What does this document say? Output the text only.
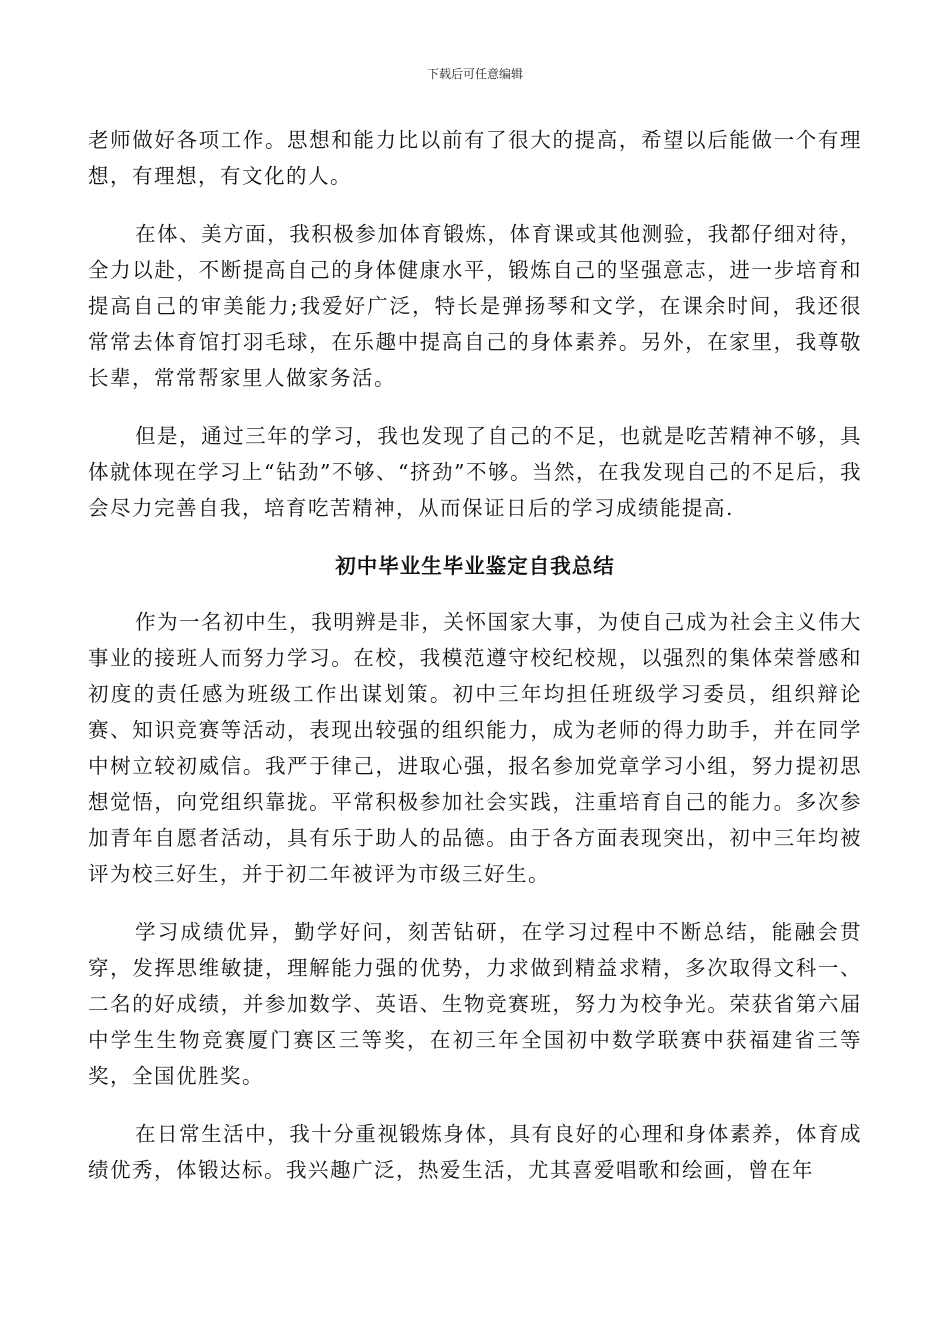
下载后可任意编辑

老师做好各项工作。思想和能力比以前有了很大的提高，希望以后能做一个有理想，有理想，有文化的人。

在体、美方面，我积极参加体育锻炼，体育课或其他测验，我都仔细对待，全力以赴，不断提高自己的身体健康水平，锻炼自己的坚强意志，进一步培育和提高自己的审美能力;我爱好广泛，特长是弹扬琴和文学，在课余时间，我还很常常去体育馆打羽毛球，在乐趣中提高自己的身体素养。另外，在家里，我尊敬长辈，常常帮家里人做家务活。

但是，通过三年的学习，我也发现了自己的不足，也就是吃苦精神不够，具体就体现在学习上“钻劲”不够、“挤劲”不够。当然，在我发现自己的不足后，我会尽力完善自我，培育吃苦精神，从而保证日后的学习成绩能提高.

初中毕业生毕业鉴定自我总结

作为一名初中生，我明辨是非，关怀国家大事，为使自己成为社会主义伟大事业的接班人而努力学习。在校，我模范遵守校纪校规，以强烈的集体荣誉感和初度的责任感为班级工作出谋划策。初中三年均担任班级学习委员，组织辩论赛、知识竞赛等活动，表现出较强的组织能力，成为老师的得力助手，并在同学中树立较初威信。我严于律己，进取心强，报名参加党章学习小组，努力提初思想觉悟，向党组织靠拢。平常积极参加社会实践，注重培育自己的能力。多次参加青年自愿者活动，具有乐于助人的品德。由于各方面表现突出，初中三年均被评为校三好生，并于初二年被评为市级三好生。

学习成绩优异，勤学好问，刻苦钻研，在学习过程中不断总结，能融会贯穿，发挥思维敏捷，理解能力强的优势，力求做到精益求精，多次取得文科一、二名的好成绩，并参加数学、英语、生物竞赛班，努力为校争光。荣获省第六届中学生生物竞赛厦门赛区三等奖，在初三年全国初中数学联赛中获福建省三等奖，全国优胜奖。

在日常生活中，我十分重视锻炼身体，具有良好的心理和身体素养，体育成绩优秀，体锻达标。我兴趣广泛，热爱生活，尤其喜爱唱歌和绘画，曾在年
